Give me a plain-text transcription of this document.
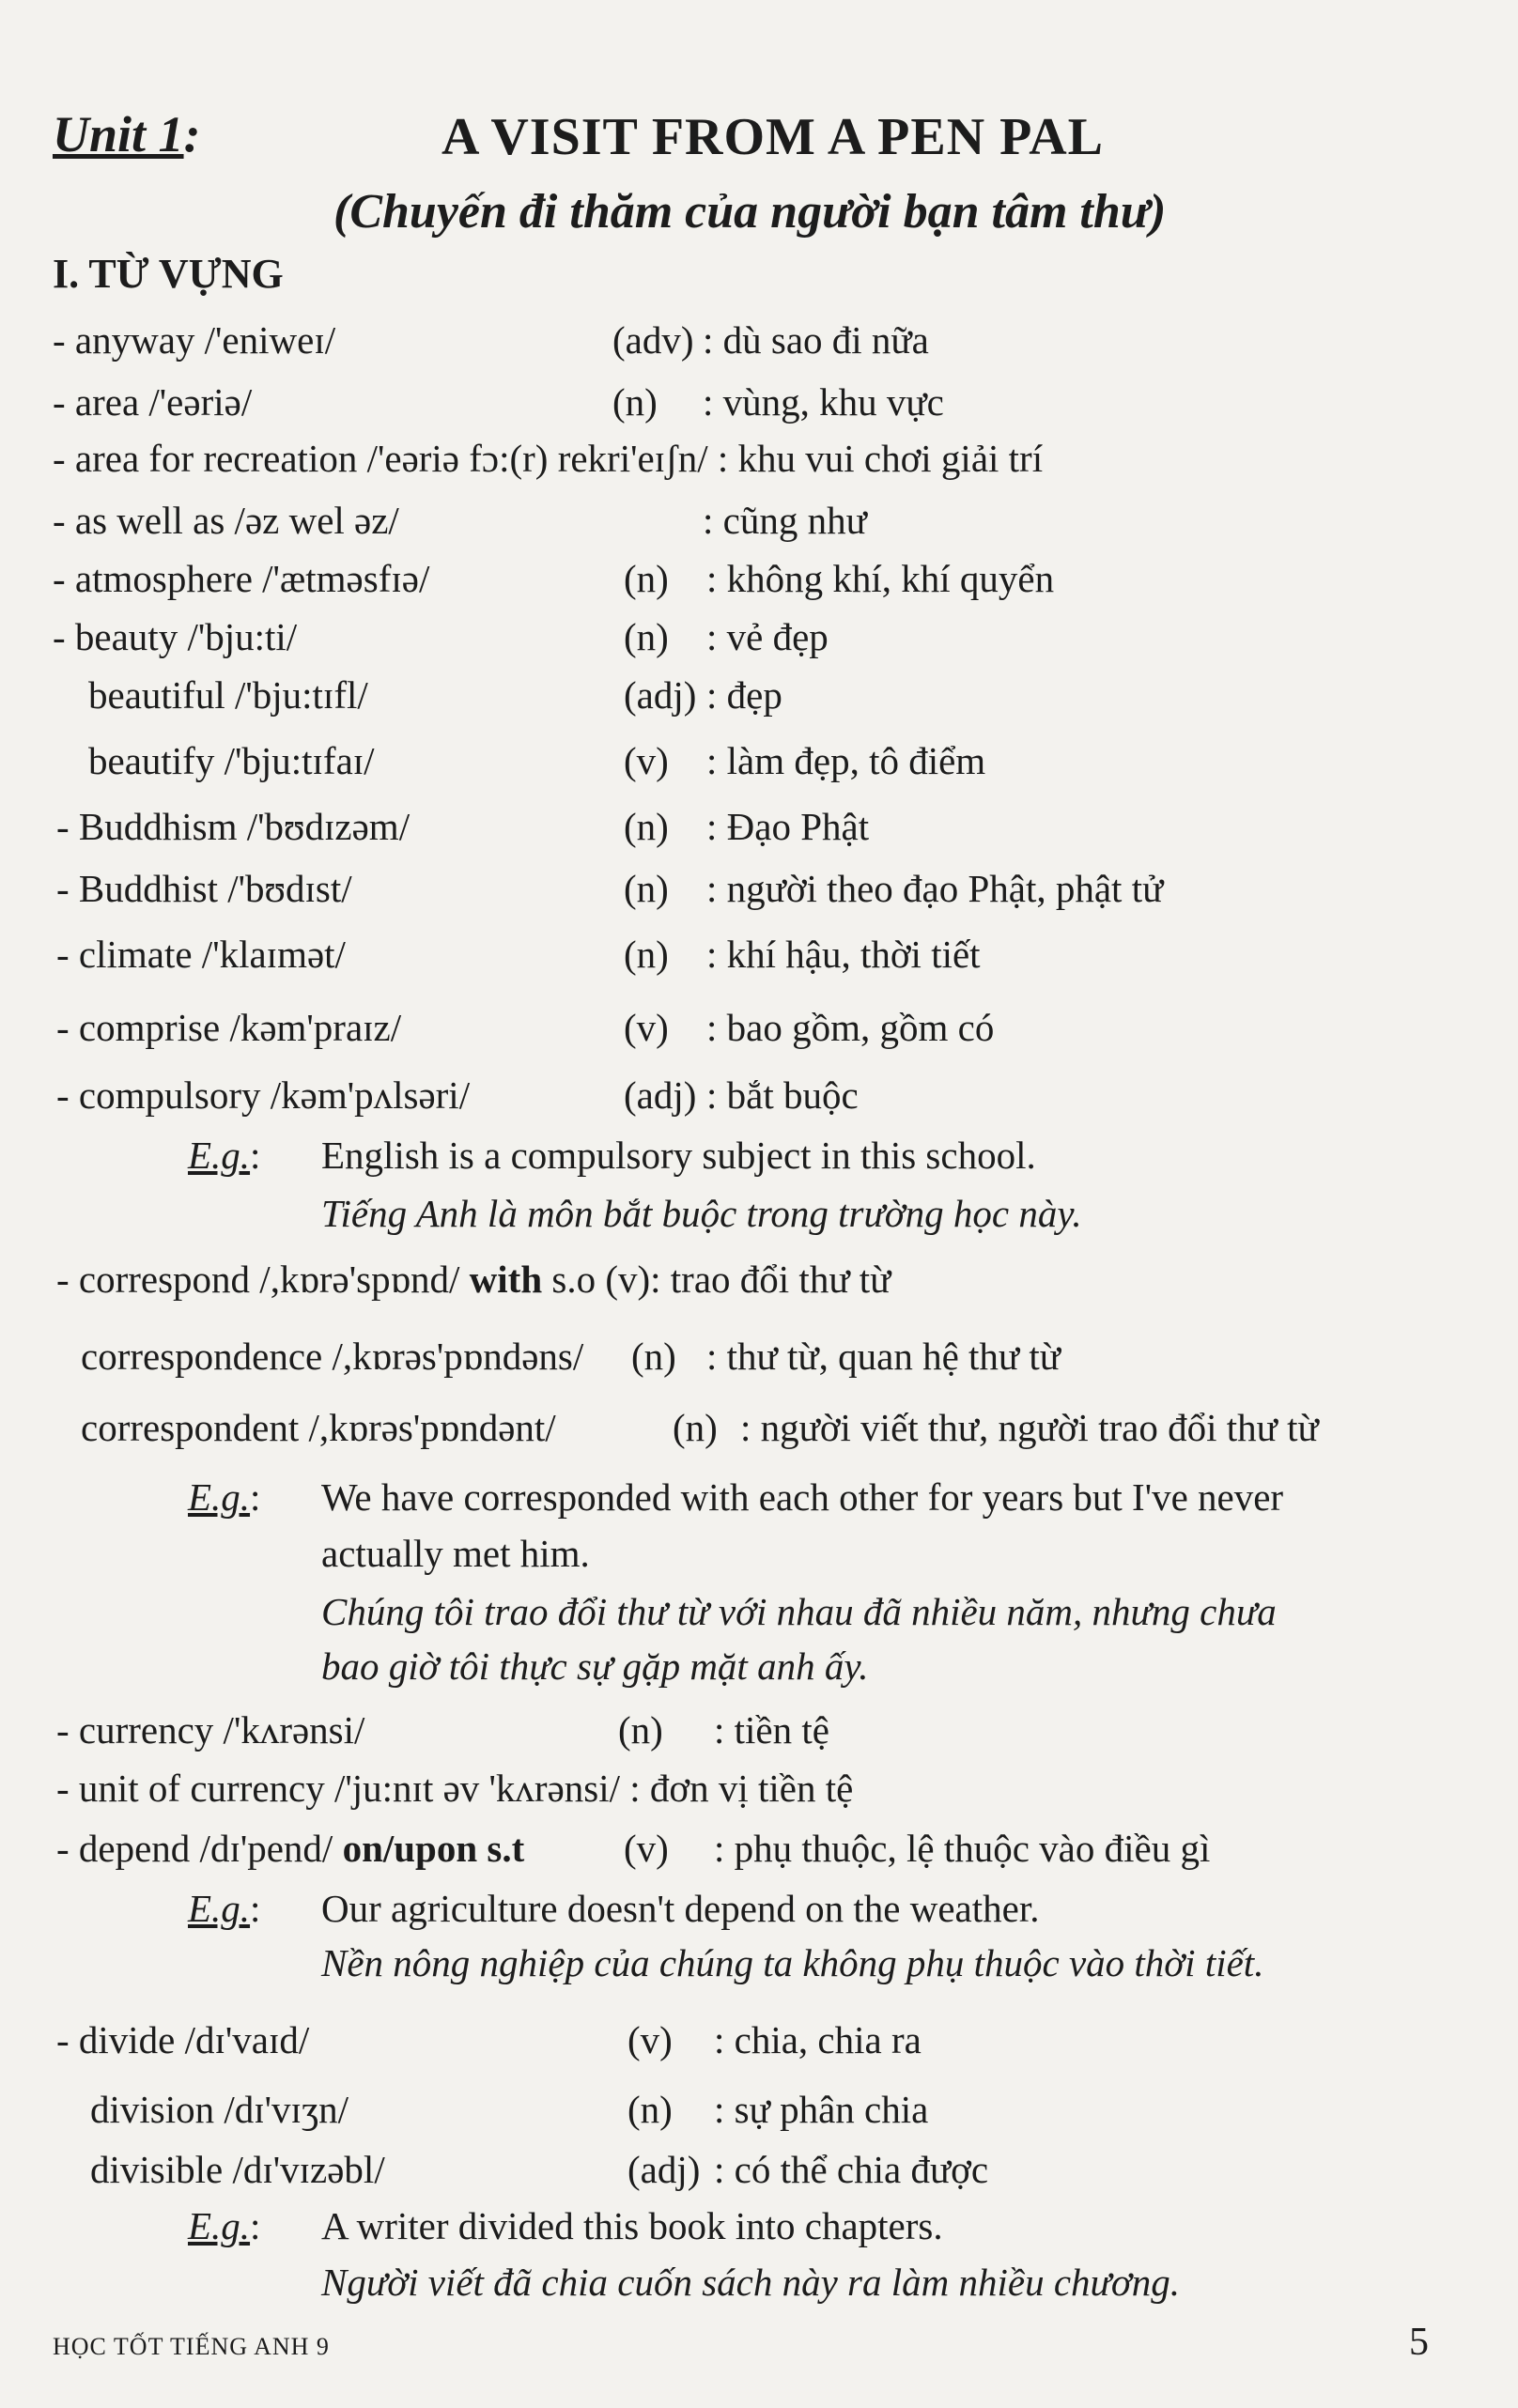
Unit 1:	A VISIT FROM A PEN PAL
(Chuyến đi thăm của người bạn tâm thư)
I. TỪ VỰNG
- anyway /'eniweɪ/	(adv) : dù sao đi nữa
- area /'eəriə/	(n) : vùng, khu vực
- area for recreation /'eəriə fɔ:(r) rekri'eɪʃn/ : khu vui chơi giải trí
- as well as /əz wel əz/	: cũng như
- atmosphere /'ætməsfɪə/	(n) : không khí, khí quyển
- beauty /'bju:ti/	(n) : vẻ đẹp
beautiful /'bju:tɪfl/	(adj) : đẹp
beautify /'bju:tɪfaɪ/	(v) : làm đẹp, tô điểm
- Buddhism /'bʊdɪzəm/	(n) : Đạo Phật
- Buddhist /'bʊdɪst/	(n) : người theo đạo Phật, phật tử
- climate /'klaɪmət/	(n) : khí hậu, thời tiết
- comprise /kəm'praɪz/	(v) : bao gồm, gồm có
- compulsory /kəm'pʌlsəri/	(adj) : bắt buộc
E.g.: English is a compulsory subject in this school.
Tiếng Anh là môn bắt buộc trong trường học này.
- correspond /,kɒrə'spɒnd/ with s.o (v): trao đổi thư từ
correspondence /,kɒrəs'pɒndəns/ (n) : thư từ, quan hệ thư từ
correspondent /,kɒrəs'pɒndənt/	(n) : người viết thư, người trao đổi thư từ
E.g.: We have corresponded with each other for years but I've never
actually met him.
Chúng tôi trao đổi thư từ với nhau đã nhiều năm, nhưng chưa
bao giờ tôi thực sự gặp mặt anh ấy.
- currency /'kʌrənsi/	(n) : tiền tệ
- unit of currency /'ju:nɪt əv 'kʌrənsi/ : đơn vị tiền tệ
- depend /dɪ'pend/ on/upon s.t	(v) : phụ thuộc, lệ thuộc vào điều gì
E.g.: Our agriculture doesn't depend on the weather.
Nền nông nghiệp của chúng ta không phụ thuộc vào thời tiết.
- divide /dɪ'vaɪd/	(v) : chia, chia ra
division /dɪ'vɪʒn/	(n) : sự phân chia
divisible /dɪ'vɪzəbl/	(adj) : có thể chia được
E.g.: A writer divided this book into chapters.
Người viết đã chia cuốn sách này ra làm nhiều chương.
HỌC TỐT TIẾNG ANH 9	5
